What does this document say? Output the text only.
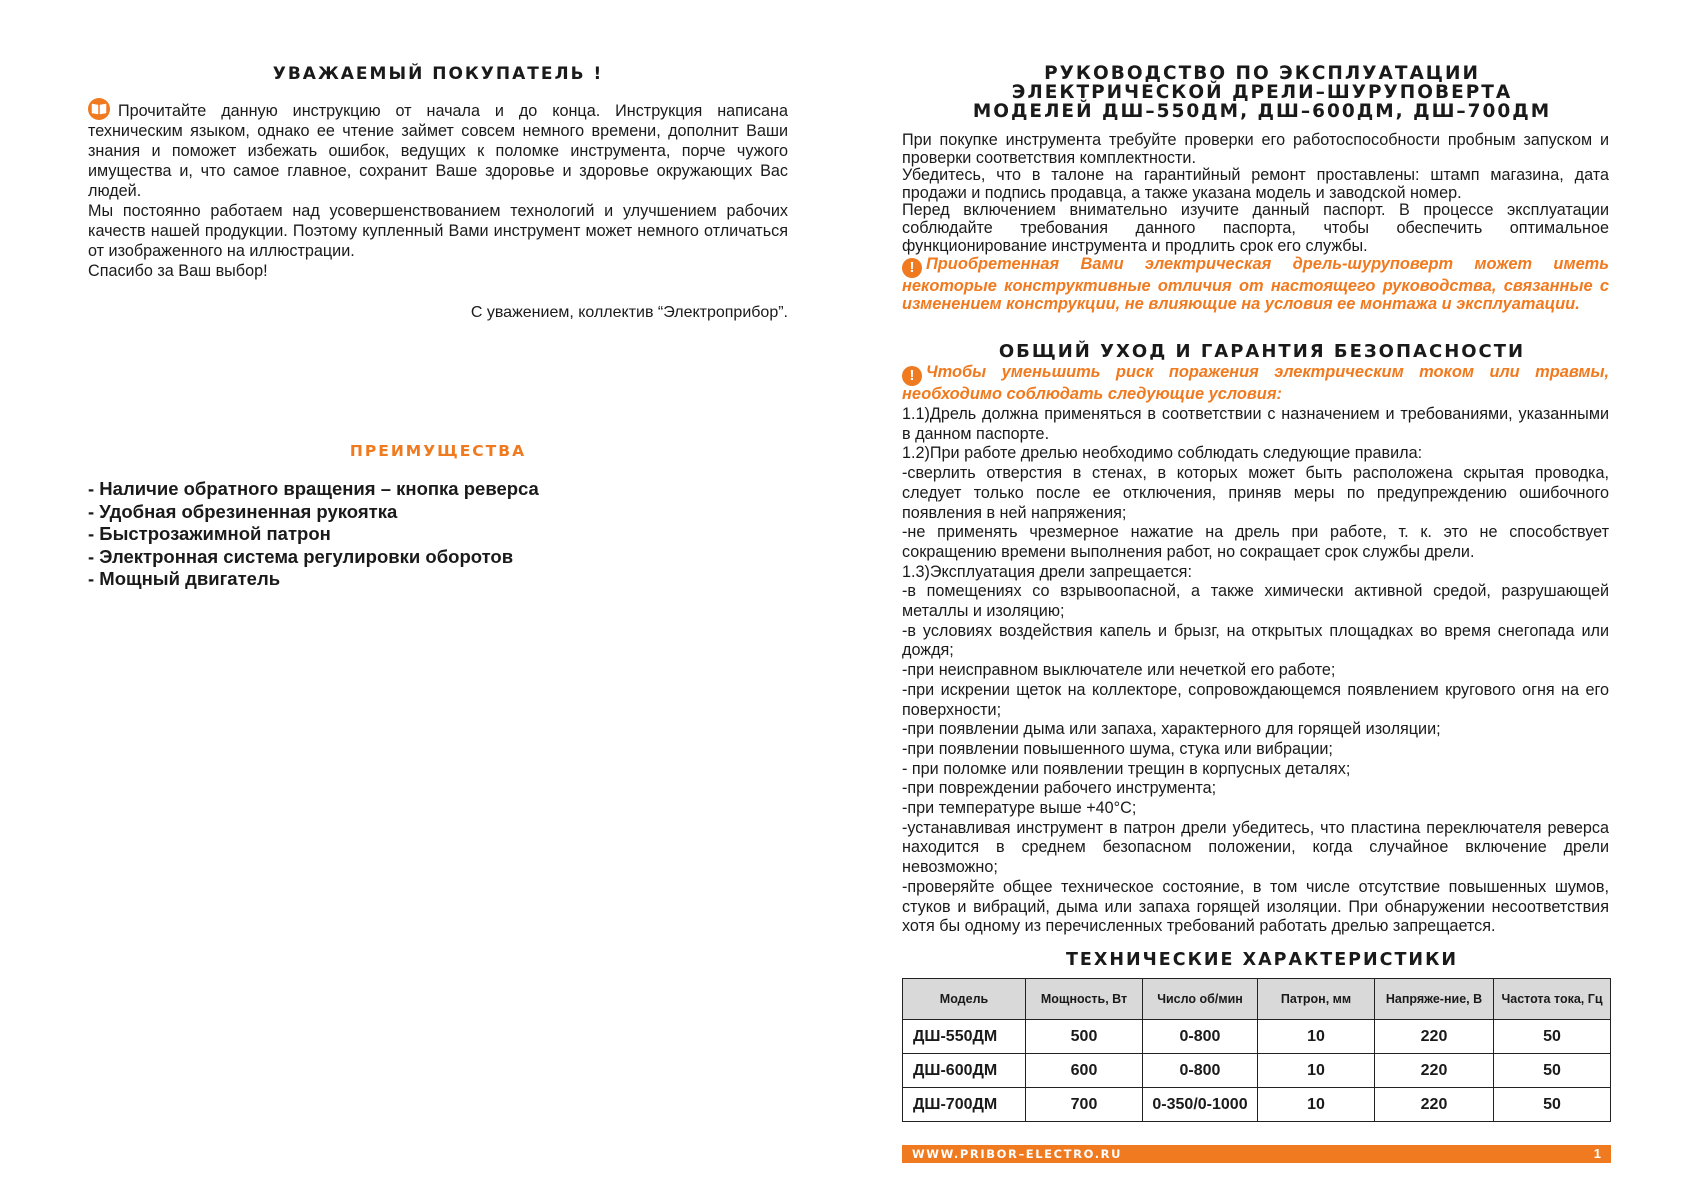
УВАЖАЕМЫЙ ПОКУПАТЕЛЬ !

Прочитайте данную инструкцию от начала и до конца. Инструкция написана техническим языком, однако ее чтение займет совсем немного времени, дополнит Ваши знания и поможет избежать ошибок, ведущих к поломке инструмента, порче чужого имущества и, что самое главное, сохранит Ваше здоровье и здоровье окружающих Вас людей.

Мы постоянно работаем над усовершенствованием технологий и улучшением рабочих качеств нашей продукции. Поэтому купленный Вами инструмент может немного отличаться от изображенного на иллюстрации.

Спасибо за Ваш выбор!

С уважением, коллектив “Электроприбор”.
ПРЕИМУЩЕСТВА
- Наличие обратного вращения – кнопка реверса
- Удобная обрезиненная рукоятка
- Быстрозажимной патрон
- Электронная система регулировки оборотов
- Мощный двигатель
РУКОВОДСТВО ПО ЭКСПЛУАТАЦИИ
ЭЛЕКТРИЧЕСКОЙ ДРЕЛИ–ШУРУПОВЕРТА
МОДЕЛЕЙ ДШ–550ДМ, ДШ–600ДМ, ДШ–700ДМ

При покупке инструмента требуйте проверки его работоспособности пробным запуском и проверки соответствия комплектности.

Убедитесь, что в талоне на гарантийный ремонт проставлены: штамп магазина, дата продажи и подпись продавца, а также указана модель и заводской номер.

Перед включением внимательно изучите данный паспорт. В процессе эксплуатации соблюдайте требования данного паспорта, чтобы обеспечить оптимальное функционирование инструмента и продлить срок его службы.

! Приобретенная Вами электрическая дрель-шуруповерт может иметь некоторые конструктивные отличия от настоящего руководства, связанные с изменением конструкции, не влияющие на условия ее монтажа и эксплуатации.
ОБЩИЙ УХОД И ГАРАНТИЯ БЕЗОПАСНОСТИ
! Чтобы уменьшить риск поражения электрическим током или травмы, необходимо соблюдать следующие условия:

1.1)Дрель должна применяться в соответствии с назначением и требованиями, указанными в данном паспорте.

1.2)При работе дрелью необходимо соблюдать следующие правила:

-сверлить отверстия в стенах, в которых может быть расположена скрытая проводка, следует только после ее отключения, приняв меры по предупреждению ошибочного появления в ней напряжения;

-не применять чрезмерное нажатие на дрель при работе, т. к. это не способствует сокращению времени выполнения работ, но сокращает срок службы дрели.

1.3)Эксплуатация дрели запрещается:

-в помещениях со взрывоопасной, а также химически активной средой, разрушающей металлы и изоляцию;

-в условиях воздействия капель и брызг, на открытых площадках во время снегопада или дождя;

-при неисправном выключателе или нечеткой его работе;

-при искрении щеток на коллекторе, сопровождающемся появлением кругового огня на его поверхности;

-при появлении дыма или запаха, характерного для горящей изоляции;

-при появлении повышенного шума, стука или вибрации;

- при поломке или появлении трещин в корпусных деталях;

-при повреждении рабочего инструмента;

-при температуре выше +40°С;

-устанавливая инструмент в патрон дрели убедитесь, что пластина переключателя реверса находится в среднем безопасном положении, когда случайное включение дрели невозможно;

-проверяйте общее техническое состояние, в том числе отсутствие повышенных шумов, стуков и вибраций, дыма или запаха горящей изоляции. При обнаружении несоответствия хотя бы одному из перечисленных требований работать дрелью запрещается.

ТЕХНИЧЕСКИЕ ХАРАКТЕРИСТИКИ
Модель	Мощность, Вт	Число об/мин	Патрон, мм	Напряже-ние, В	Частота тока, Гц
ДШ-550ДМ	500	0-800	10	220	50
ДШ-600ДМ	600	0-800	10	220	50
ДШ-700ДМ	700	0-350/0-1000	10	220	50
WWW.PRIBOR–ELECTRO.RU	1
